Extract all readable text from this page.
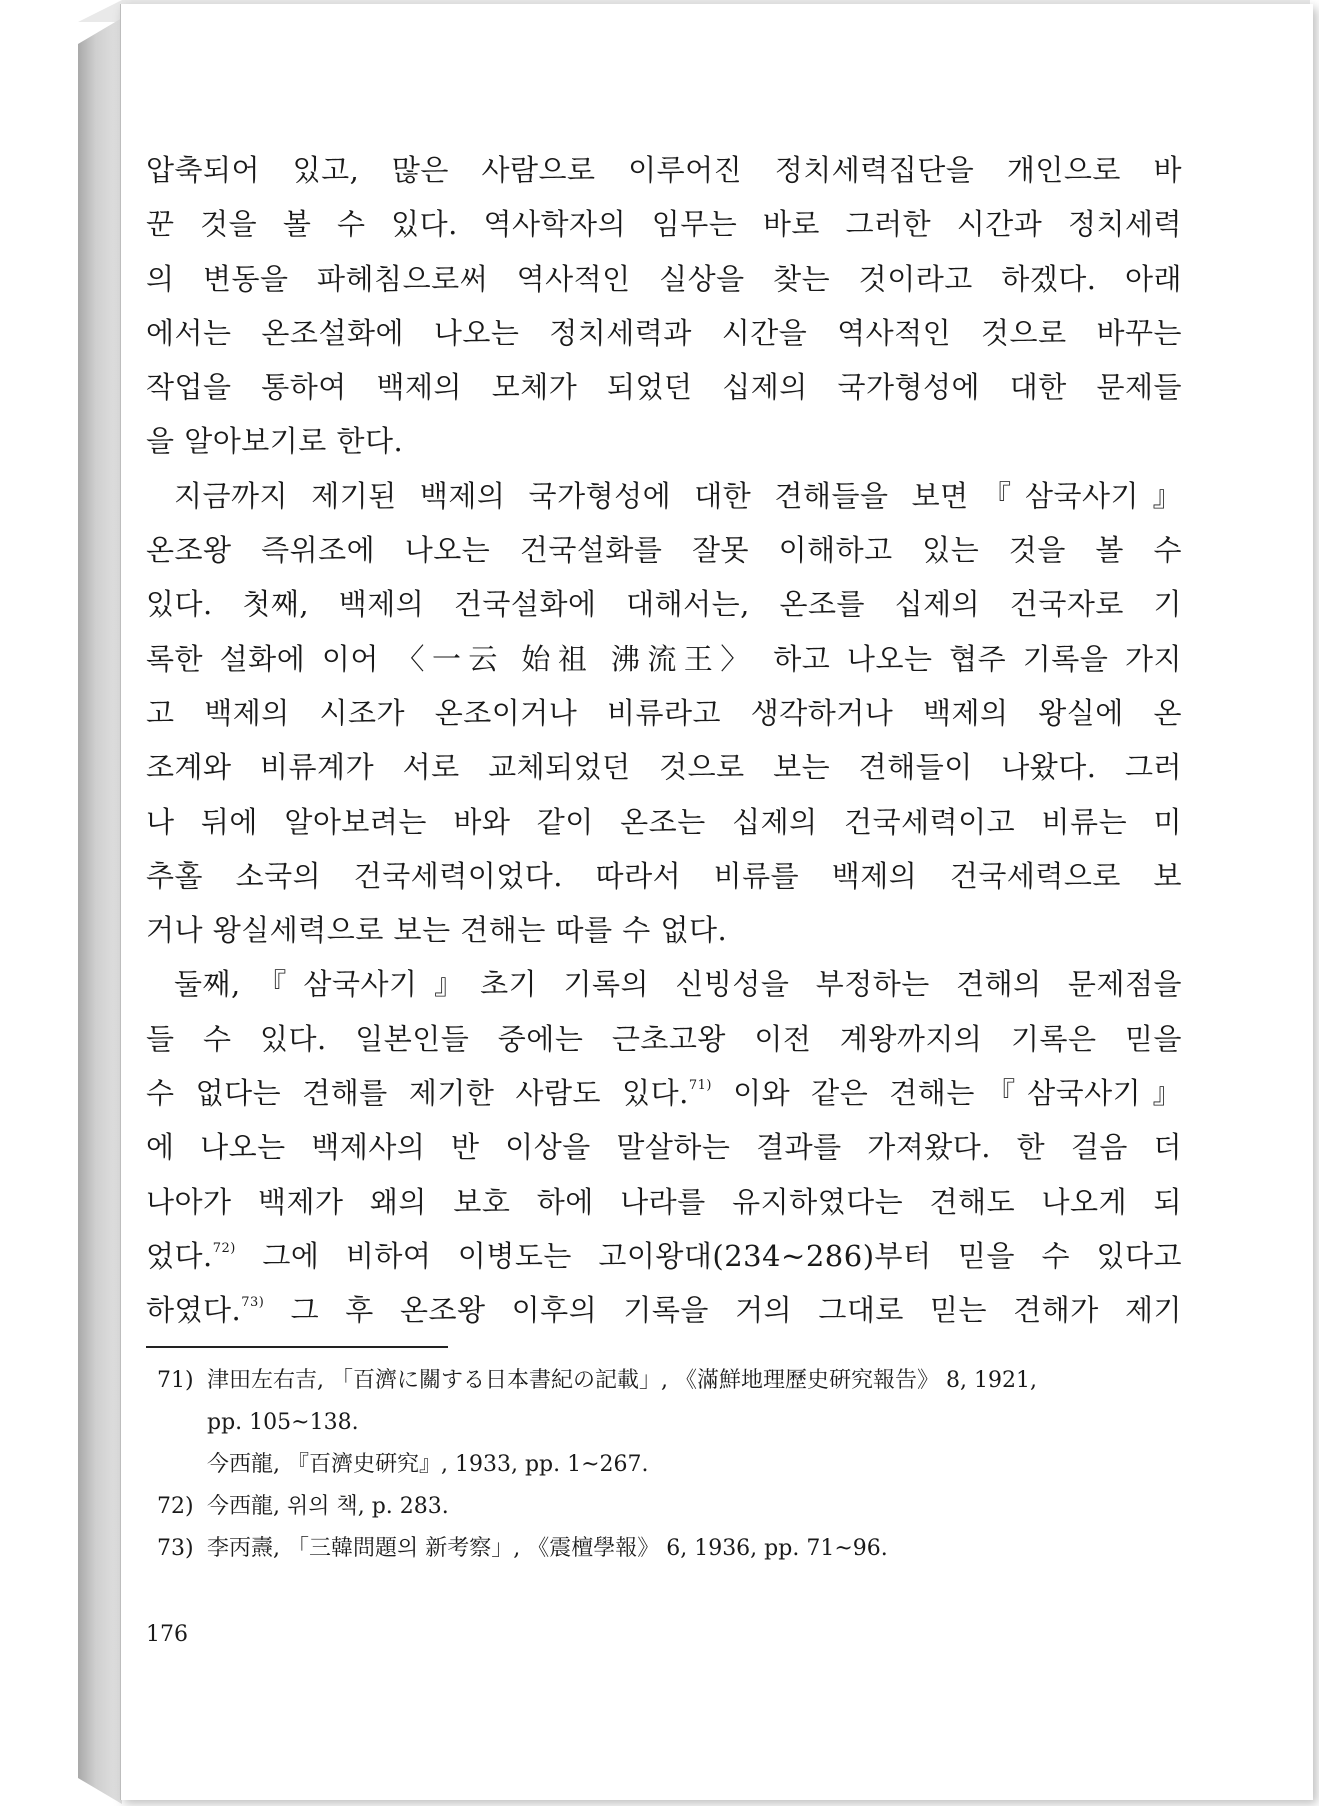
압축되어 있고, 많은 사람으로 이루어진 정치세력집단을 개인으로 바
꾼 것을 볼 수 있다. 역사학자의 임무는 바로 그러한 시간과 정치세력
의 변동을 파헤침으로써 역사적인 실상을 찾는 것이라고 하겠다. 아래
에서는 온조설화에 나오는 정치세력과 시간을 역사적인 것으로 바꾸는
작업을 통하여 백제의 모체가 되었던 십제의 국가형성에 대한 문제들
을 알아보기로 한다.

지금까지 제기된 백제의 국가형성에 대한 견해들을 보면『삼국사기』
온조왕 즉위조에 나오는 건국설화를 잘못 이해하고 있는 것을 볼 수
있다. 첫째, 백제의 건국설화에 대해서는, 온조를 십제의 건국자로 기
록한 설화에 이어 〈一云 始祖 沸流王〉 하고 나오는 협주 기록을 가지
고 백제의 시조가 온조이거나 비류라고 생각하거나 백제의 왕실에 온
조계와 비류계가 서로 교체되었던 것으로 보는 견해들이 나왔다. 그러
나 뒤에 알아보려는 바와 같이 온조는 십제의 건국세력이고 비류는 미
추홀 소국의 건국세력이었다. 따라서 비류를 백제의 건국세력으로 보
거나 왕실세력으로 보는 견해는 따를 수 없다.

둘째,『삼국사기』초기 기록의 신빙성을 부정하는 견해의 문제점을
들 수 있다. 일본인들 중에는 근초고왕 이전 계왕까지의 기록은 믿을
수 없다는 견해를 제기한 사람도 있다.$^{71)}$ 이와 같은 견해는『삼국사기』
에 나오는 백제사의 반 이상을 말살하는 결과를 가져왔다. 한 걸음 더
나아가 백제가 왜의 보호 하에 나라를 유지하였다는 견해도 나오게 되
었다.$^{72)}$ 그에 비하여 이병도는 고이왕대(234~286)부터 믿을 수 있다고
하였다.$^{73)}$ 그 후 온조왕 이후의 기록을 거의 그대로 믿는 견해가 제기

71) 津田左右吉, 「百濟に關する日本書紀の記載」, 《滿鮮地理歷史硏究報告》 8, 1921,
pp. 105~138.
今西龍, 『百濟史硏究』, 1933, pp. 1~267.
72) 今西龍, 위의 책, p. 283.
73) 李丙燾, 「三韓問題의 新考察」, 《震檀學報》 6, 1936, pp. 71~96.
176
